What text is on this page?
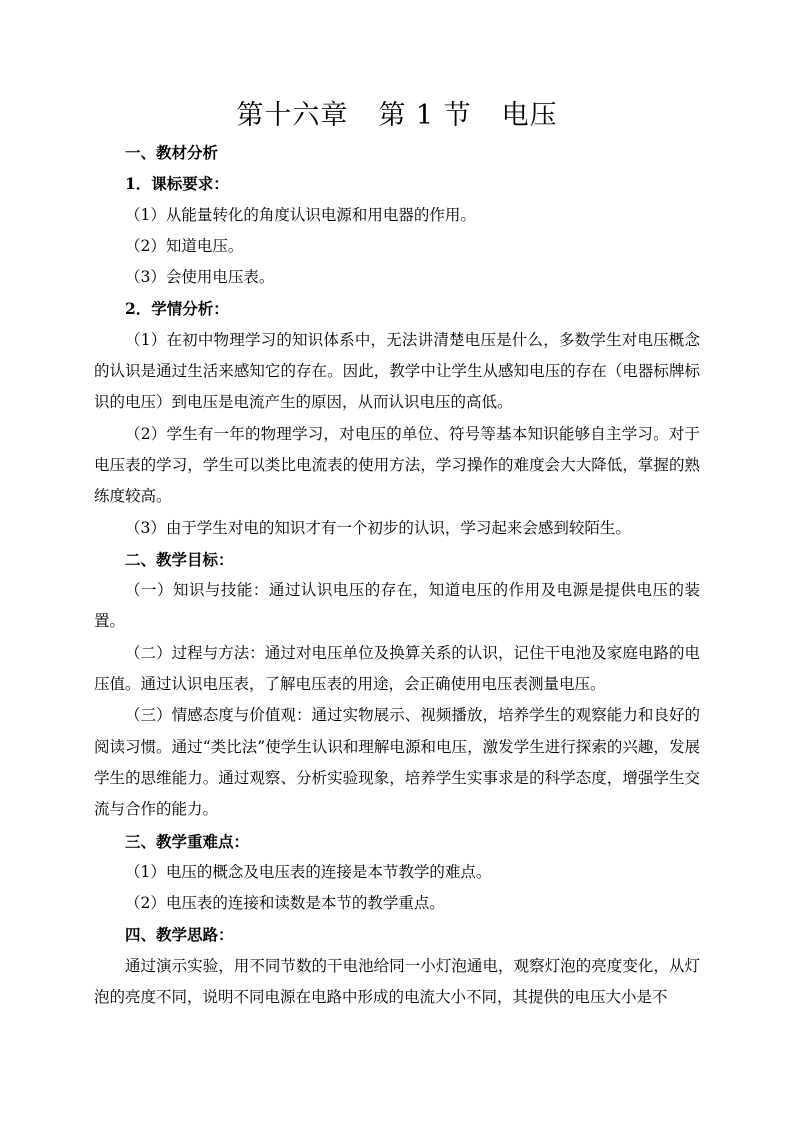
第十六章 第 1 节 电压

一、教材分析

1．课标要求：

（1）从能量转化的角度认识电源和用电器的作用。

（2）知道电压。

（3）会使用电压表。

2．学情分析：

（1）在初中物理学习的知识体系中，无法讲清楚电压是什么，多数学生对电压概念的认识是通过生活来感知它的存在。因此，教学中让学生从感知电压的存在（电器标牌标识的电压）到电压是电流产生的原因，从而认识电压的高低。

（2）学生有一年的物理学习，对电压的单位、符号等基本知识能够自主学习。对于电压表的学习，学生可以类比电流表的使用方法，学习操作的难度会大大降低，掌握的熟练度较高。

（3）由于学生对电的知识才有一个初步的认识，学习起来会感到较陌生。

二、教学目标：

（一）知识与技能：通过认识电压的存在，知道电压的作用及电源是提供电压的装置。

（二）过程与方法：通过对电压单位及换算关系的认识，记住干电池及家庭电路的电压值。通过认识电压表，了解电压表的用途，会正确使用电压表测量电压。

（三）情感态度与价值观：通过实物展示、视频播放，培养学生的观察能力和良好的阅读习惯。通过“类比法”使学生认识和理解电源和电压，激发学生进行探索的兴趣，发展学生的思维能力。通过观察、分析实验现象，培养学生实事求是的科学态度，增强学生交流与合作的能力。

三、教学重难点：

（1）电压的概念及电压表的连接是本节教学的难点。

（2）电压表的连接和读数是本节的教学重点。

四、教学思路：

通过演示实验，用不同节数的干电池给同一小灯泡通电，观察灯泡的亮度变化，从灯泡的亮度不同，说明不同电源在电路中形成的电流大小不同，其提供的电压大小是不
